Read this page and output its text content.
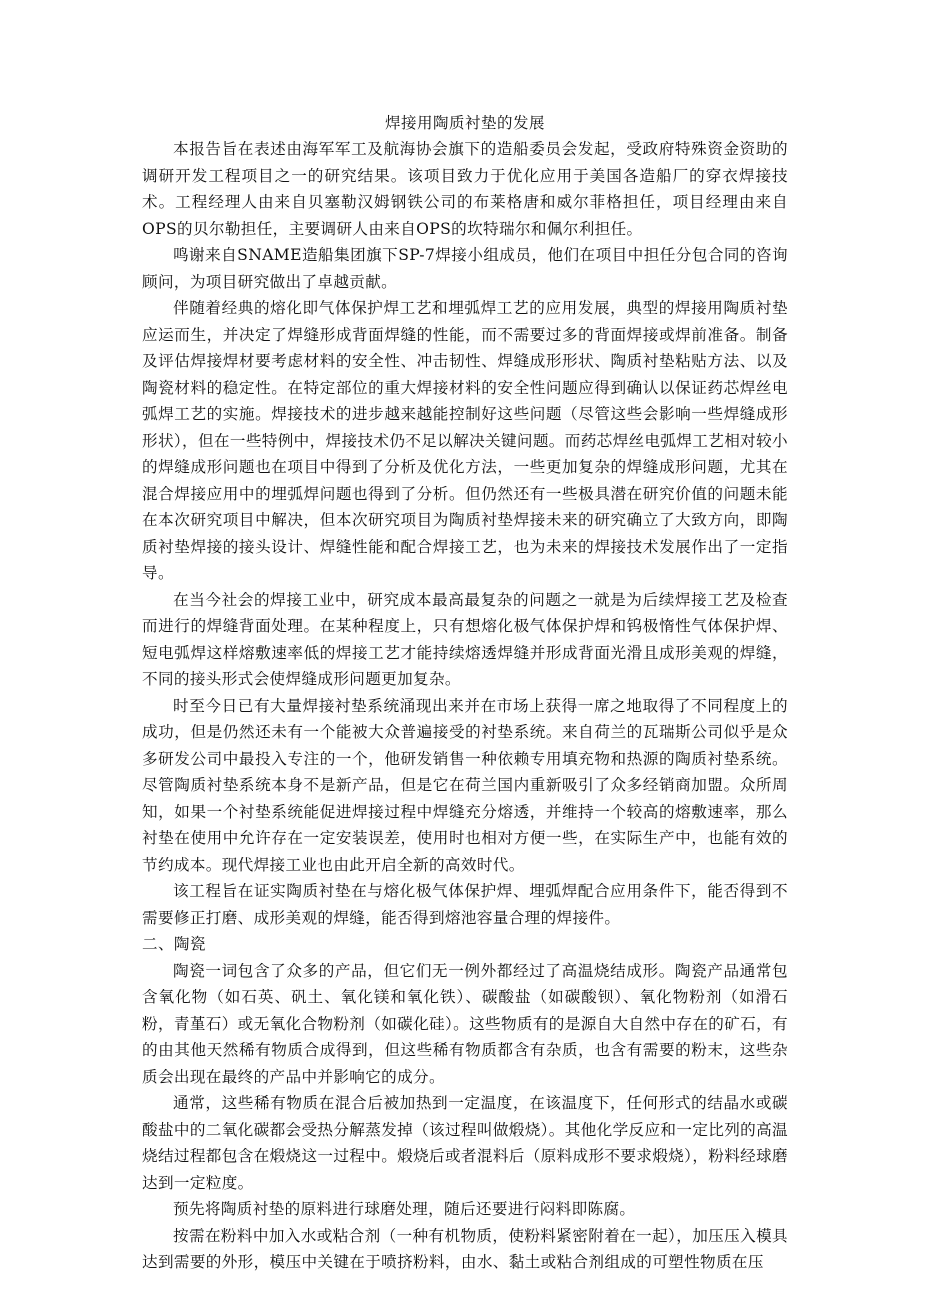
焊接用陶质衬垫的发展

本报告旨在表述由海军军工及航海协会旗下的造船委员会发起，受政府特殊资金资助的调研开发工程项目之一的研究结果。该项目致力于优化应用于美国各造船厂的穿衣焊接技术。工程经理人由来自贝塞勒汉姆钢铁公司的布莱格唐和威尔菲格担任，项目经理由来自OPS的贝尔勒担任，主要调研人由来自OPS的坎特瑞尔和佩尔利担任。

鸣谢来自SNAME造船集团旗下SP-7焊接小组成员，他们在项目中担任分包合同的咨询顾问，为项目研究做出了卓越贡献。

伴随着经典的熔化即气体保护焊工艺和埋弧焊工艺的应用发展，典型的焊接用陶质衬垫应运而生，并决定了焊缝形成背面焊缝的性能，而不需要过多的背面焊接或焊前准备。制备及评估焊接焊材要考虑材料的安全性、冲击韧性、焊缝成形形状、陶质衬垫粘贴方法、以及陶瓷材料的稳定性。在特定部位的重大焊接材料的安全性问题应得到确认以保证药芯焊丝电弧焊工艺的实施。焊接技术的进步越来越能控制好这些问题（尽管这些会影响一些焊缝成形形状），但在一些特例中，焊接技术仍不足以解决关键问题。而药芯焊丝电弧焊工艺相对较小的焊缝成形问题也在项目中得到了分析及优化方法，一些更加复杂的焊缝成形问题，尤其在混合焊接应用中的埋弧焊问题也得到了分析。但仍然还有一些极具潜在研究价值的问题未能在本次研究项目中解决，但本次研究项目为陶质衬垫焊接未来的研究确立了大致方向，即陶质衬垫焊接的接头设计、焊缝性能和配合焊接工艺，也为未来的焊接技术发展作出了一定指导。

在当今社会的焊接工业中，研究成本最高最复杂的问题之一就是为后续焊接工艺及检查而进行的焊缝背面处理。在某种程度上，只有想熔化极气体保护焊和钨极惰性气体保护焊、短电弧焊这样熔敷速率低的焊接工艺才能持续熔透焊缝并形成背面光滑且成形美观的焊缝，不同的接头形式会使焊缝成形问题更加复杂。

时至今日已有大量焊接衬垫系统涌现出来并在市场上获得一席之地取得了不同程度上的成功，但是仍然还未有一个能被大众普遍接受的衬垫系统。来自荷兰的瓦瑞斯公司似乎是众多研发公司中最投入专注的一个，他研发销售一种依赖专用填充物和热源的陶质衬垫系统。尽管陶质衬垫系统本身不是新产品，但是它在荷兰国内重新吸引了众多经销商加盟。众所周知，如果一个衬垫系统能促进焊接过程中焊缝充分熔透，并维持一个较高的熔敷速率，那么衬垫在使用中允许存在一定安装误差，使用时也相对方便一些，在实际生产中，也能有效的节约成本。现代焊接工业也由此开启全新的高效时代。

该工程旨在证实陶质衬垫在与熔化极气体保护焊、埋弧焊配合应用条件下，能否得到不需要修正打磨、成形美观的焊缝，能否得到熔池容量合理的焊接件。

二、陶瓷

陶瓷一词包含了众多的产品，但它们无一例外都经过了高温烧结成形。陶瓷产品通常包含氧化物（如石英、矾土、氧化镁和氧化铁）、碳酸盐（如碳酸钡）、氧化物粉剂（如滑石粉，青堇石）或无氧化合物粉剂（如碳化硅）。这些物质有的是源自大自然中存在的矿石，有的由其他天然稀有物质合成得到，但这些稀有物质都含有杂质，也含有需要的粉末，这些杂质会出现在最终的产品中并影响它的成分。

通常，这些稀有物质在混合后被加热到一定温度，在该温度下，任何形式的结晶水或碳酸盐中的二氧化碳都会受热分解蒸发掉（该过程叫做煅烧）。其他化学反应和一定比列的高温烧结过程都包含在煅烧这一过程中。煅烧后或者混料后（原料成形不要求煅烧），粉料经球磨达到一定粒度。

预先将陶质衬垫的原料进行球磨处理，随后还要进行闷料即陈腐。

按需在粉料中加入水或粘合剂（一种有机物质，使粉料紧密附着在一起），加压压入模具达到需要的外形，模压中关键在于喷挤粉料，由水、黏土或粘合剂组成的可塑性物质在压
